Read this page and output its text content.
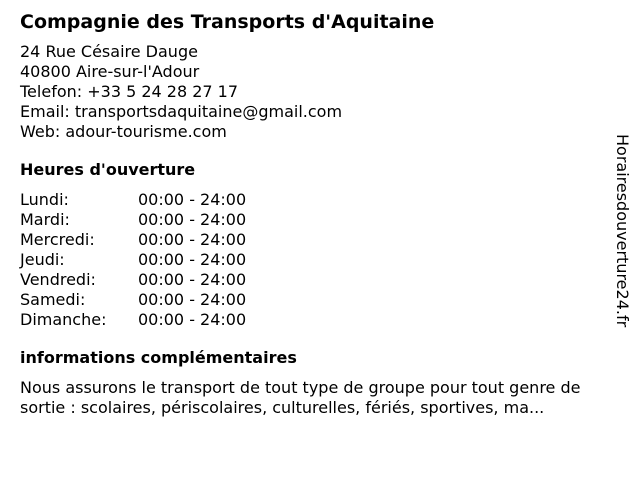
Compagnie des Transports d'Aquitaine
24 Rue Césaire Dauge
40800 Aire-sur-l'Adour
Telefon: +33 5 24 28 27 17
Email: transportsdaquitaine@gmail.com
Web: adour-tourisme.com
Heures d'ouverture
Lundi:	00:00 - 24:00
Mardi:	00:00 - 24:00
Mercredi:	00:00 - 24:00
Jeudi:	00:00 - 24:00
Vendredi:	00:00 - 24:00
Samedi:	00:00 - 24:00
Dimanche:	00:00 - 24:00
informations complémentaires
Nous assurons le transport de tout type de groupe pour tout genre de
sortie : scolaires, périscolaires, culturelles, fériés, sportives, ma...
Horairesdouverture24.fr
